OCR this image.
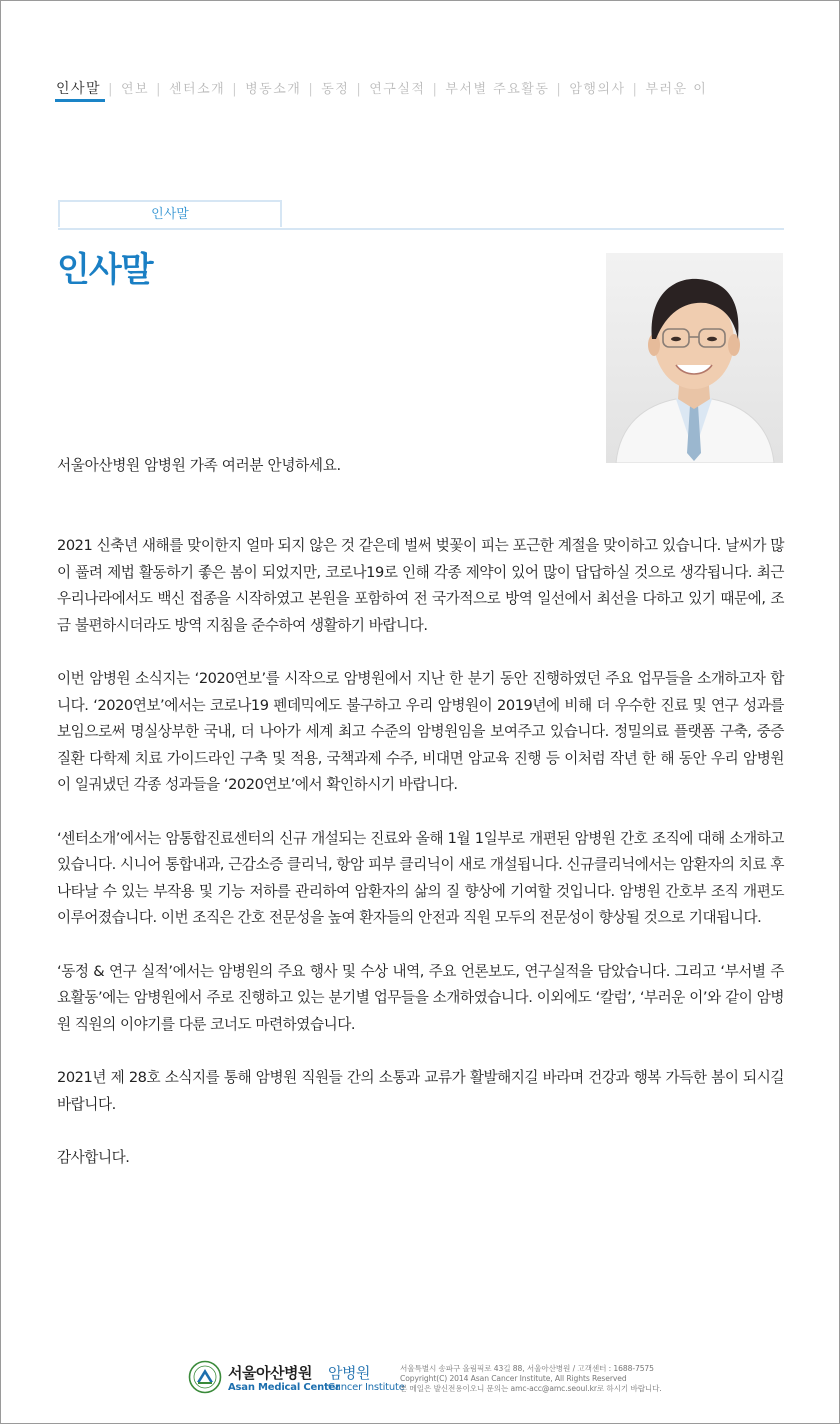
인사말 | 연보 | 센터소개 | 병동소개 | 동정 | 연구실적 | 부서별 주요활동 | 암행의사 | 부러운 이
인사말
인사말

서울아산병원 암병원 가족 여러분 안녕하세요.

2021 신축년 새해를 맞이한지 얼마 되지 않은 것 같은데 벌써 벚꽃이 피는 포근한 계절을 맞이하고 있습니다. 날씨가 많이 풀려 제법 활동하기 좋은 봄이 되었지만, 코로나19로 인해 각종 제약이 있어 많이 답답하실 것으로 생각됩니다. 최근 우리나라에서도 백신 접종을 시작하였고 본원을 포함하여 전 국가적으로 방역 일선에서 최선을 다하고 있기 때문에, 조금 불편하시더라도 방역 지침을 준수하여 생활하기 바랍니다.

이번 암병원 소식지는 ‘2020연보’를 시작으로 암병원에서 지난 한 분기 동안 진행하였던 주요 업무들을 소개하고자 합니다. ‘2020연보’에서는 코로나19 펜데믹에도 불구하고 우리 암병원이 2019년에 비해 더 우수한 진료 및 연구 성과를 보임으로써 명실상부한 국내, 더 나아가 세계 최고 수준의 암병원임을 보여주고 있습니다. 정밀의료 플랫폼 구축, 중증 질환 다학제 치료 가이드라인 구축 및 적용, 국책과제 수주, 비대면 암교육 진행 등 이처럼 작년 한 해 동안 우리 암병원이 일궈냈던 각종 성과들을 ‘2020연보’에서 확인하시기 바랍니다.

‘센터소개’에서는 암통합진료센터의 신규 개설되는 진료와 올해 1월 1일부로 개편된 암병원 간호 조직에 대해 소개하고 있습니다. 시니어 통합내과, 근감소증 클리닉, 항암 피부 클리닉이 새로 개설됩니다. 신규클리닉에서는 암환자의 치료 후 나타날 수 있는 부작용 및 기능 저하를 관리하여 암환자의 삶의 질 향상에 기여할 것입니다. 암병원 간호부 조직 개편도 이루어졌습니다. 이번 조직은 간호 전문성을 높여 환자들의 안전과 직원 모두의 전문성이 향상될 것으로 기대됩니다.

‘동정 & 연구 실적’에서는 암병원의 주요 행사 및 수상 내역, 주요 언론보도, 연구실적을 담았습니다. 그리고 ‘부서별 주요활동’에는 암병원에서 주로 진행하고 있는 분기별 업무들을 소개하였습니다. 이외에도 ‘칼럼’, ‘부러운 이’와 같이 암병원 직원의 이야기를 다룬 코너도 마련하였습니다.

2021년 제 28호 소식지를 통해 암병원 직원들 간의 소통과 교류가 활발해지길 바라며 건강과 행복 가득한 봄이 되시길 바랍니다.

감사합니다.

서울아산병원 암병원
Asan Medical Center
Cancer Institute
서울특별시 송파구 올림픽로 43길 88, 서울아산병원 / 고객센터 : 1688-7575
Copyright(C) 2014 Asan Cancer Institute, All Rights Reserved
본 메일은 발신전용이오니 문의는 amc-acc@amc.seoul.kr로 하시기 바랍니다.
